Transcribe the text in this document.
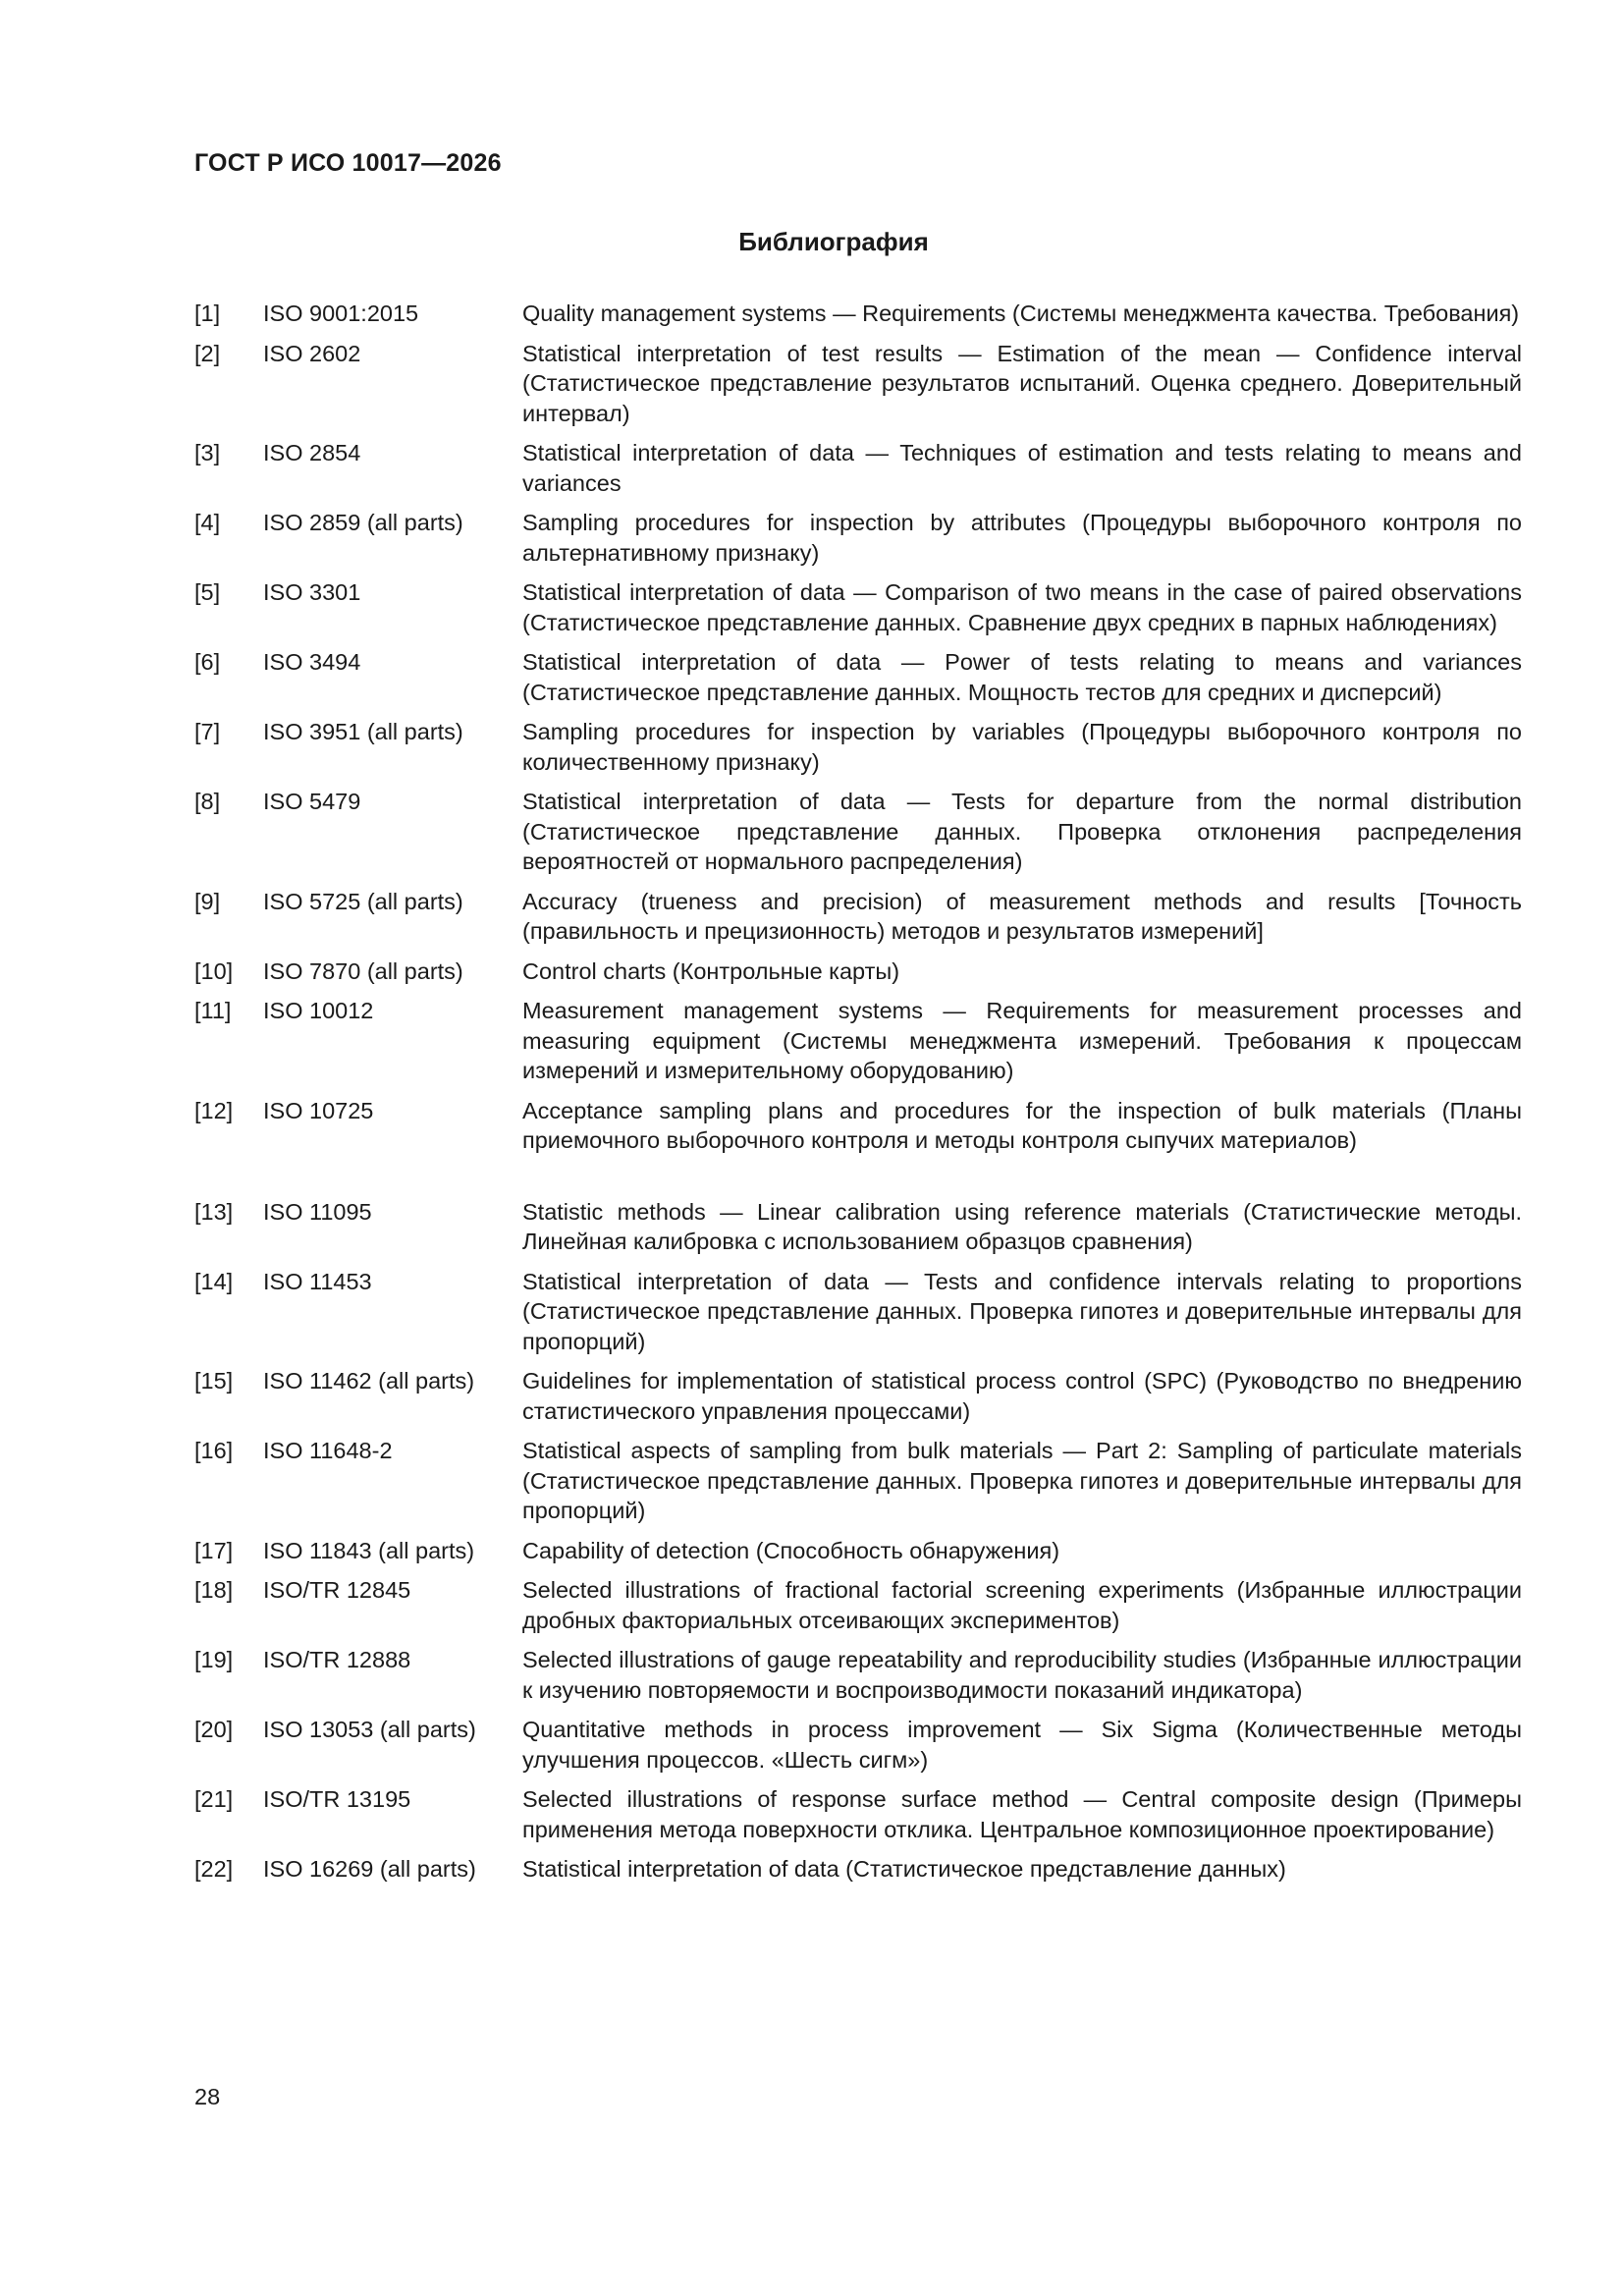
ГОСТ Р ИСО 10017—2026
Библиография
[1]	ISO 9001:2015	Quality management systems — Requirements (Системы менеджмента качества. Требования)
[2]	ISO 2602	Statistical interpretation of test results — Estimation of the mean — Confidence interval (Статистическое представление результатов испытаний. Оценка среднего. Доверительный интервал)
[3]	ISO 2854	Statistical interpretation of data — Techniques of estimation and tests relating to means and variances
[4]	ISO 2859 (all parts)	Sampling procedures for inspection by attributes (Процедуры выборочного контроля по альтернативному признаку)
[5]	ISO 3301	Statistical interpretation of data — Comparison of two means in the case of paired observations (Статистическое представление данных. Сравнение двух средних в парных наблюдениях)
[6]	ISO 3494	Statistical interpretation of data — Power of tests relating to means and variances (Статистическое представление данных. Мощность тестов для средних и дисперсий)
[7]	ISO 3951 (all parts)	Sampling procedures for inspection by variables (Процедуры выборочного контроля по количественному признаку)
[8]	ISO 5479	Statistical interpretation of data — Tests for departure from the normal distribution (Статистическое представление данных. Проверка отклонения распределения вероятностей от нормального распределения)
[9]	ISO 5725 (all parts)	Accuracy (trueness and precision) of measurement methods and results [Точность (правильность и прецизионность) методов и результатов измерений]
[10]	ISO 7870 (all parts)	Control charts (Контрольные карты)
[11]	ISO 10012	Measurement management systems — Requirements for measurement processes and measuring equipment (Системы менеджмента измерений. Требования к процессам измерений и измерительному оборудованию)
[12]	ISO 10725	Acceptance sampling plans and procedures for the inspection of bulk materials (Планы приемочного выборочного контроля и методы контроля сыпучих материалов)
[13]	ISO 11095	Statistic methods — Linear calibration using reference materials (Статистические методы. Линейная калибровка с использованием образцов сравнения)
[14]	ISO 11453	Statistical interpretation of data — Tests and confidence intervals relating to proportions (Статистическое представление данных. Проверка гипотез и доверительные интервалы для пропорций)
[15]	ISO 11462 (all parts)	Guidelines for implementation of statistical process control (SPC) (Руководство по внедрению статистического управления процессами)
[16]	ISO 11648-2	Statistical aspects of sampling from bulk materials — Part 2: Sampling of particulate materials (Статистическое представление данных. Проверка гипотез и доверительные интервалы для пропорций)
[17]	ISO 11843 (all parts)	Capability of detection (Способность обнаружения)
[18]	ISO/TR 12845	Selected illustrations of fractional factorial screening experiments (Избранные иллюстрации дробных факториальных отсеивающих экспериментов)
[19]	ISO/TR 12888	Selected illustrations of gauge repeatability and reproducibility studies (Избранные иллюстрации к изучению повторяемости и воспроизводимости показаний индикатора)
[20]	ISO 13053 (all parts)	Quantitative methods in process improvement — Six Sigma (Количественные методы улучшения процессов. «Шесть сигм»)
[21]	ISO/TR 13195	Selected illustrations of response surface method — Central composite design (Примеры применения метода поверхности отклика. Центральное композиционное проектирование)
[22]	ISO 16269 (all parts)	Statistical interpretation of data (Статистическое представление данных)
28
